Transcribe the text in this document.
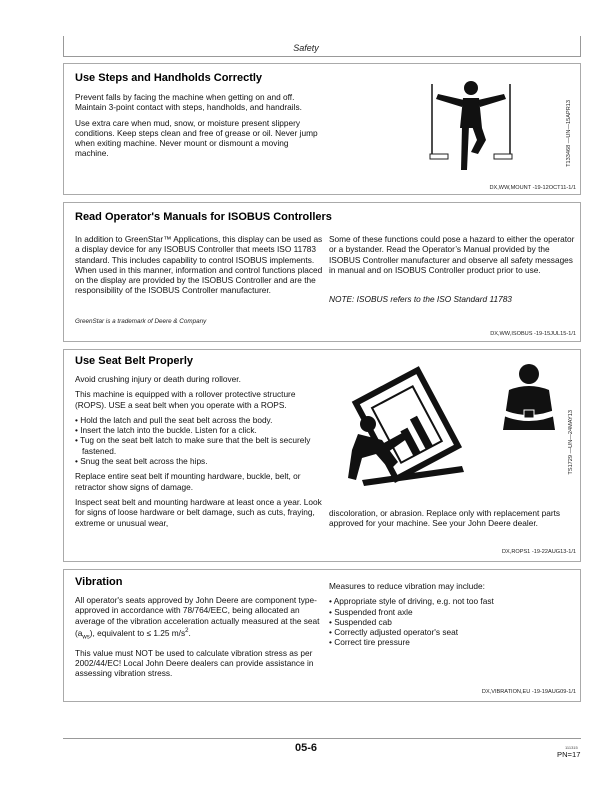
Safety
Use Steps and Handholds Correctly

Prevent falls by facing the machine when getting on and off. Maintain 3-point contact with steps, handholds, and handrails.

Use extra care when mud, snow, or moisture present slippery conditions. Keep steps clean and free of grease or oil. Never jump when exiting machine. Never mount or dismount a moving machine.	T133468 —UN—15APR13
DX,WW,MOUNT -19-12OCT11-1/1
Read Operator's Manuals for ISOBUS Controllers

In addition to GreenStar™ Applications, this display can be used as a display device for any ISOBUS Controller that meets ISO 11783 standard. This includes capability to control ISOBUS implements. When used in this manner, information and control functions placed on the display are provided by the ISOBUS Controller and are the responsibility of the ISOBUS Controller manufacturer.

Some of these functions could pose a hazard to either the operator or a bystander. Read the Operator’s Manual provided by the ISOBUS Controller manufacturer and observe all safety messages in manual and on ISOBUS Controller product prior to use.

NOTE: ISOBUS refers to the ISO Standard 11783
GreenStar is a trademark of Deere & Company
DX,WW,ISOBUS -19-15JUL15-1/1
Use Seat Belt Properly

Avoid crushing injury or death during rollover.

This machine is equipped with a rollover protective structure (ROPS). USE a seat belt when you operate with a ROPS.

• Hold the latch and pull the seat belt across the body.
• Insert the latch into the buckle. Listen for a click.
• Tug on the seat belt latch to make sure that the belt is securely fastened.
• Snug the seat belt across the hips.

Replace entire seat belt if mounting hardware, buckle, belt, or retractor show signs of damage.

Inspect seat belt and mounting hardware at least once a year. Look for signs of loose hardware or belt damage, such as cuts, fraying, extreme or unusual wear,

discoloration, or abrasion. Replace only with replacement parts approved for your machine. See your John Deere dealer.

TS1729 —UN—24MAY13
DX,ROPS1 -19-22AUG13-1/1
Vibration

All operator's seats approved by John Deere are component type-approved in accordance with 78/764/EEC, being allocated an average of the vibration acceleration actually measured at the seat $(a_{ws})$, equivalent to ≤ 1.25 $m/s^2$.

This value must NOT be used to calculate vibration stress as per 2002/44/EC! Local John Deere dealers can provide assistance in assessing vibration stress.

Measures to reduce vibration may include:

• Appropriate style of driving, e.g. not too fast
• Suspended front axle
• Suspended cab
• Correctly adjusted operator's seat
• Correct tire pressure
DX,VIBRATION,EU -19-19AUG09-1/1
05-6	111315
PN=17
